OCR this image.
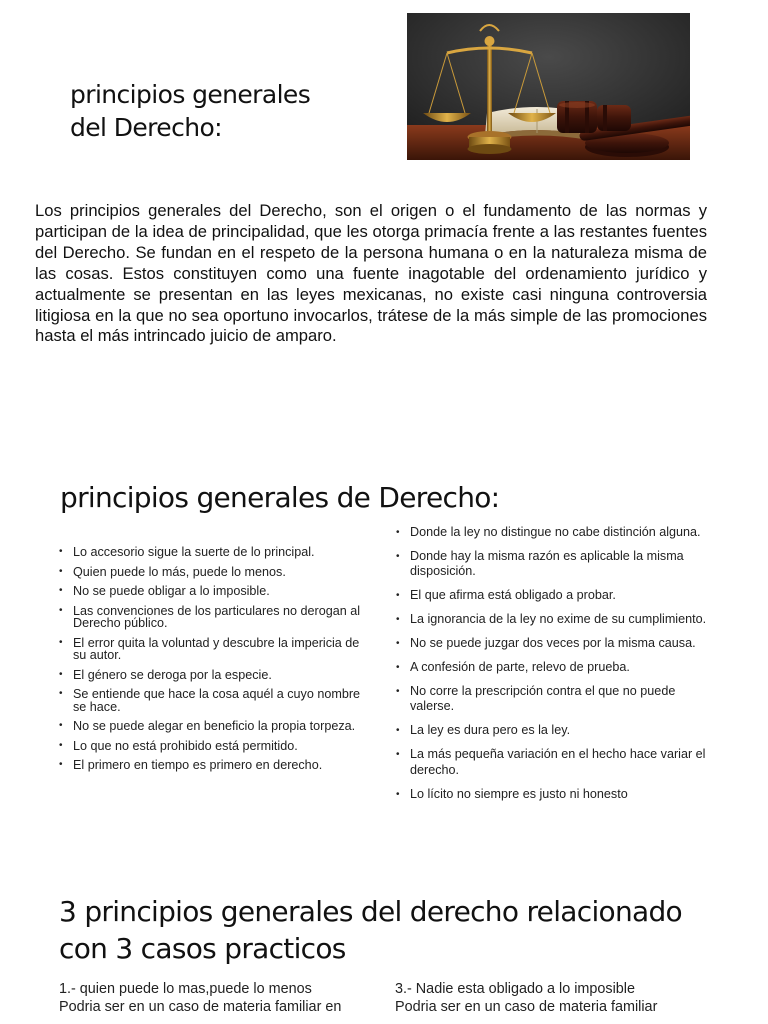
principios generales
del Derecho:

Los principios generales del Derecho, son el origen o el fundamento de las normas y participan de la idea de principalidad, que les otorga primacía frente a las restantes fuentes del Derecho. Se fundan en el respeto de la persona humana o en la naturaleza misma de las cosas. Estos constituyen como una fuente inagotable del ordenamiento jurídico y actualmente se presentan en las leyes mexicanas, no existe casi ninguna controversia litigiosa en la que no sea oportuno invocarlos, trátese de la más simple de las promociones hasta el más intrincado juicio de amparo.

principios generales de Derecho:
• Lo accesorio sigue la suerte de lo principal.
• Quien puede lo más, puede lo menos.
• No se puede obligar a lo imposible.
• Las convenciones de los particulares no derogan al Derecho público.
• El error quita la voluntad y descubre la impericia de su autor.
• El género se deroga por la especie.
• Se entiende que hace la cosa aquél a cuyo nombre se hace.
• No se puede alegar en beneficio la propia torpeza.
• Lo que no está prohibido está permitido.
• El primero en tiempo es primero en derecho.
• Donde la ley no distingue no cabe distinción alguna.
• Donde hay la misma razón es aplicable la misma disposición.
• El que afirma está obligado a probar.
• La ignorancia de la ley no exime de su cumplimiento.
• No se puede juzgar dos veces por la misma causa.
• A confesión de parte, relevo de prueba.
• No corre la prescripción contra el que no puede valerse.
• La ley es dura pero es la ley.
• La más pequeña variación en el hecho hace variar el derecho.
• Lo lícito no siempre es justo ni honesto
3 principios generales del derecho relacionado
con 3 casos practicos

1.- quien puede lo mas,puede lo menos

Podria ser en un caso de materia familiar en

3.- Nadie esta obligado a lo imposible

Podria ser en un caso de materia familiar
